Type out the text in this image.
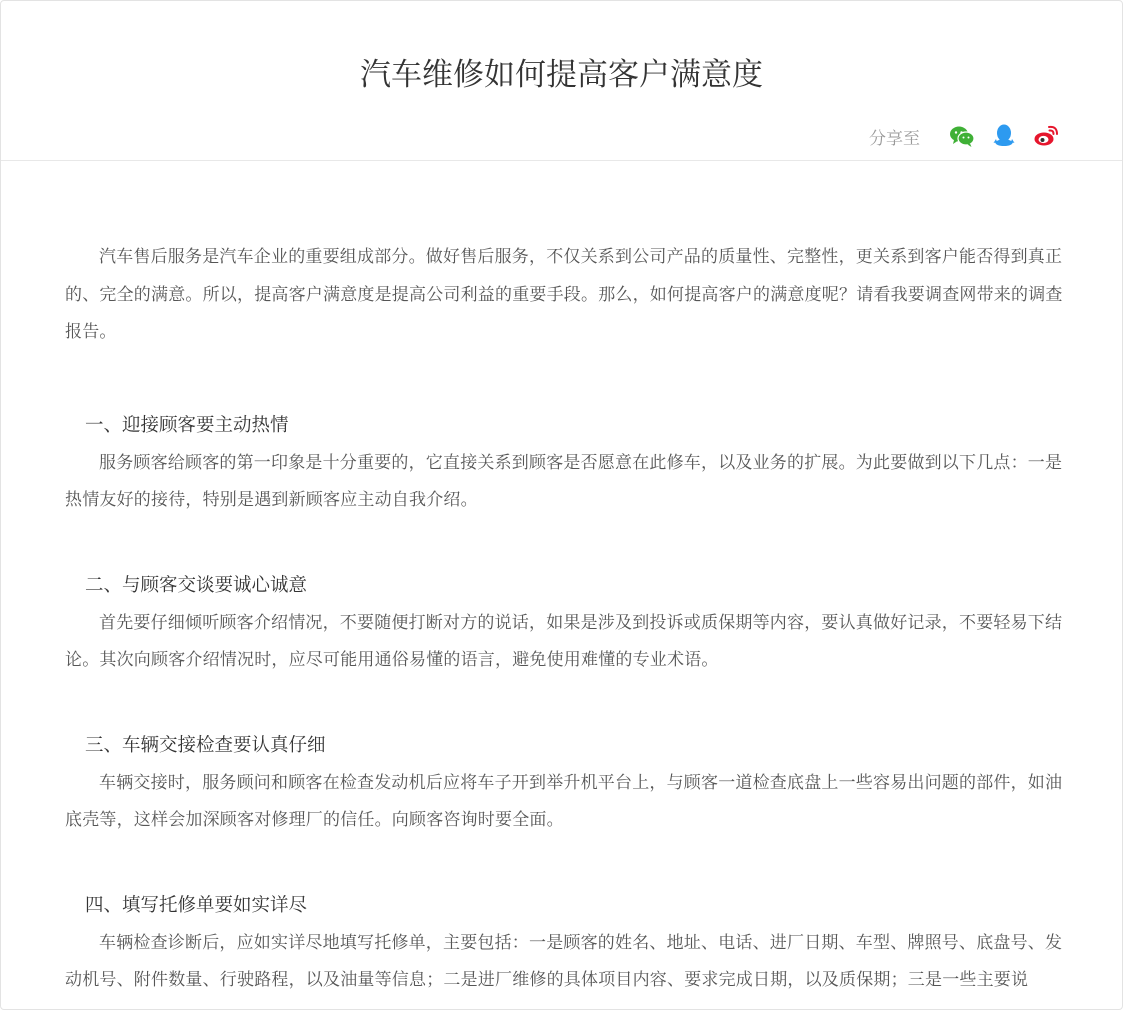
汽车维修如何提高客户满意度
分享至

汽车售后服务是汽车企业的重要组成部分。做好售后服务，不仅关系到公司产品的质量性、完整性，更关系到客户能否得到真正的、完全的满意。所以，提高客户满意度是提高公司利益的重要手段。那么，如何提高客户的满意度呢？请看我要调查网带来的调查报告。

一、迎接顾客要主动热情

服务顾客给顾客的第一印象是十分重要的，它直接关系到顾客是否愿意在此修车，以及业务的扩展。为此要做到以下几点：一是热情友好的接待，特别是遇到新顾客应主动自我介绍。

二、与顾客交谈要诚心诚意

首先要仔细倾听顾客介绍情况，不要随便打断对方的说话，如果是涉及到投诉或质保期等内容，要认真做好记录，不要轻易下结论。其次向顾客介绍情况时，应尽可能用通俗易懂的语言，避免使用难懂的专业术语。

三、车辆交接检查要认真仔细

车辆交接时，服务顾问和顾客在检查发动机后应将车子开到举升机平台上，与顾客一道检查底盘上一些容易出问题的部件，如油底壳等，这样会加深顾客对修理厂的信任。向顾客咨询时要全面。

四、填写托修单要如实详尽

车辆检查诊断后，应如实详尽地填写托修单，主要包括：一是顾客的姓名、地址、电话、进厂日期、车型、牌照号、底盘号、发动机号、附件数量、行驶路程，以及油量等信息；二是进厂维修的具体项目内容、要求完成日期，以及质保期；三是一些主要说
